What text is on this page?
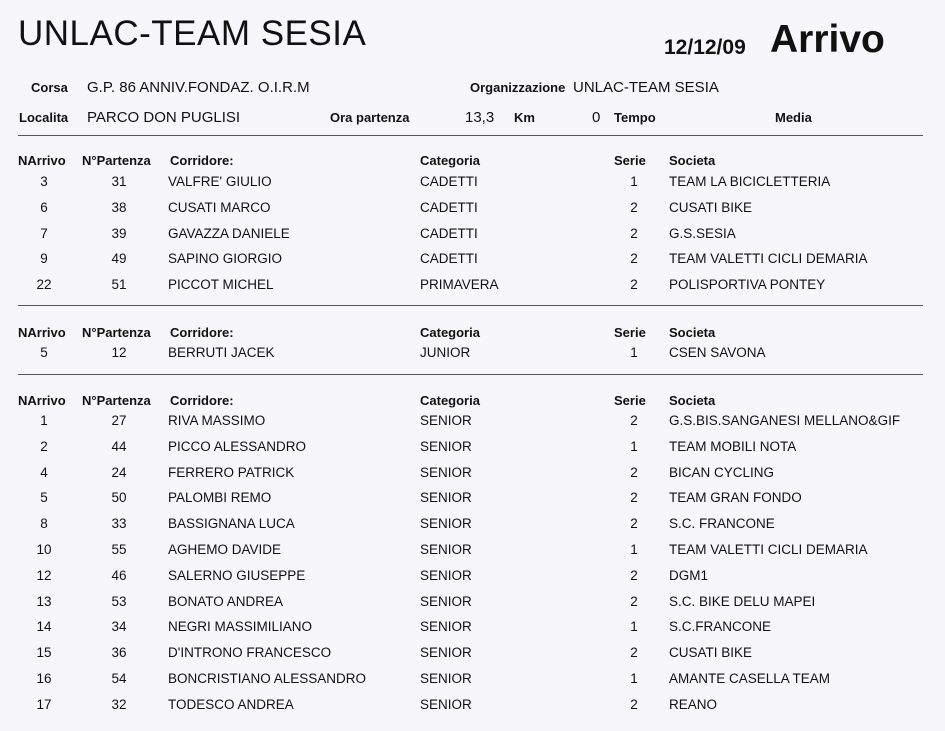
UNLAC-TEAM SESIA	12/12/09 Arrivo
Corsa G.P. 86 ANNIV.FONDAZ. O.I.R.M	Organizzazione UNLAC-TEAM SESIA
Localita PARCO DON PUGLISI	Ora partenza	13,3 Km	0 Tempo	Media
NArrivo N°Partenza Corridore:	Categoria	Serie Societa
3	31	VALFRE' GIULIO	CADETTI	1	TEAM LA BICICLETTERIA
6	38	CUSATI MARCO	CADETTI	2	CUSATI BIKE
7	39	GAVAZZA DANIELE	CADETTI	2	G.S.SESIA
9	49	SAPINO GIORGIO	CADETTI	2	TEAM VALETTI CICLI DEMARIA
22	51	PICCOT MICHEL	PRIMAVERA	2	POLISPORTIVA PONTEY
NArrivo N°Partenza Corridore:	Categoria	Serie Societa
5	12	BERRUTI JACEK	JUNIOR	1	CSEN SAVONA
NArrivo N°Partenza Corridore:	Categoria	Serie Societa
1	27	RIVA MASSIMO	SENIOR	2	G.S.BIS.SANGANESI MELLANO&GIF
2	44	PICCO ALESSANDRO	SENIOR	1	TEAM MOBILI NOTA
4	24	FERRERO PATRICK	SENIOR	2	BICAN CYCLING
5	50	PALOMBI REMO	SENIOR	2	TEAM GRAN FONDO
8	33	BASSIGNANA LUCA	SENIOR	2	S.C. FRANCONE
10	55	AGHEMO DAVIDE	SENIOR	1	TEAM VALETTI CICLI DEMARIA
12	46	SALERNO GIUSEPPE	SENIOR	2	DGM1
13	53	BONATO ANDREA	SENIOR	2	S.C. BIKE DELU MAPEI
14	34	NEGRI MASSIMILIANO	SENIOR	1	S.C.FRANCONE
15	36	D'INTRONO FRANCESCO	SENIOR	2	CUSATI BIKE
16	54	BONCRISTIANO ALESSANDRO	SENIOR	1	AMANTE CASELLA TEAM
17	32	TODESCO ANDREA	SENIOR	2	REANO
